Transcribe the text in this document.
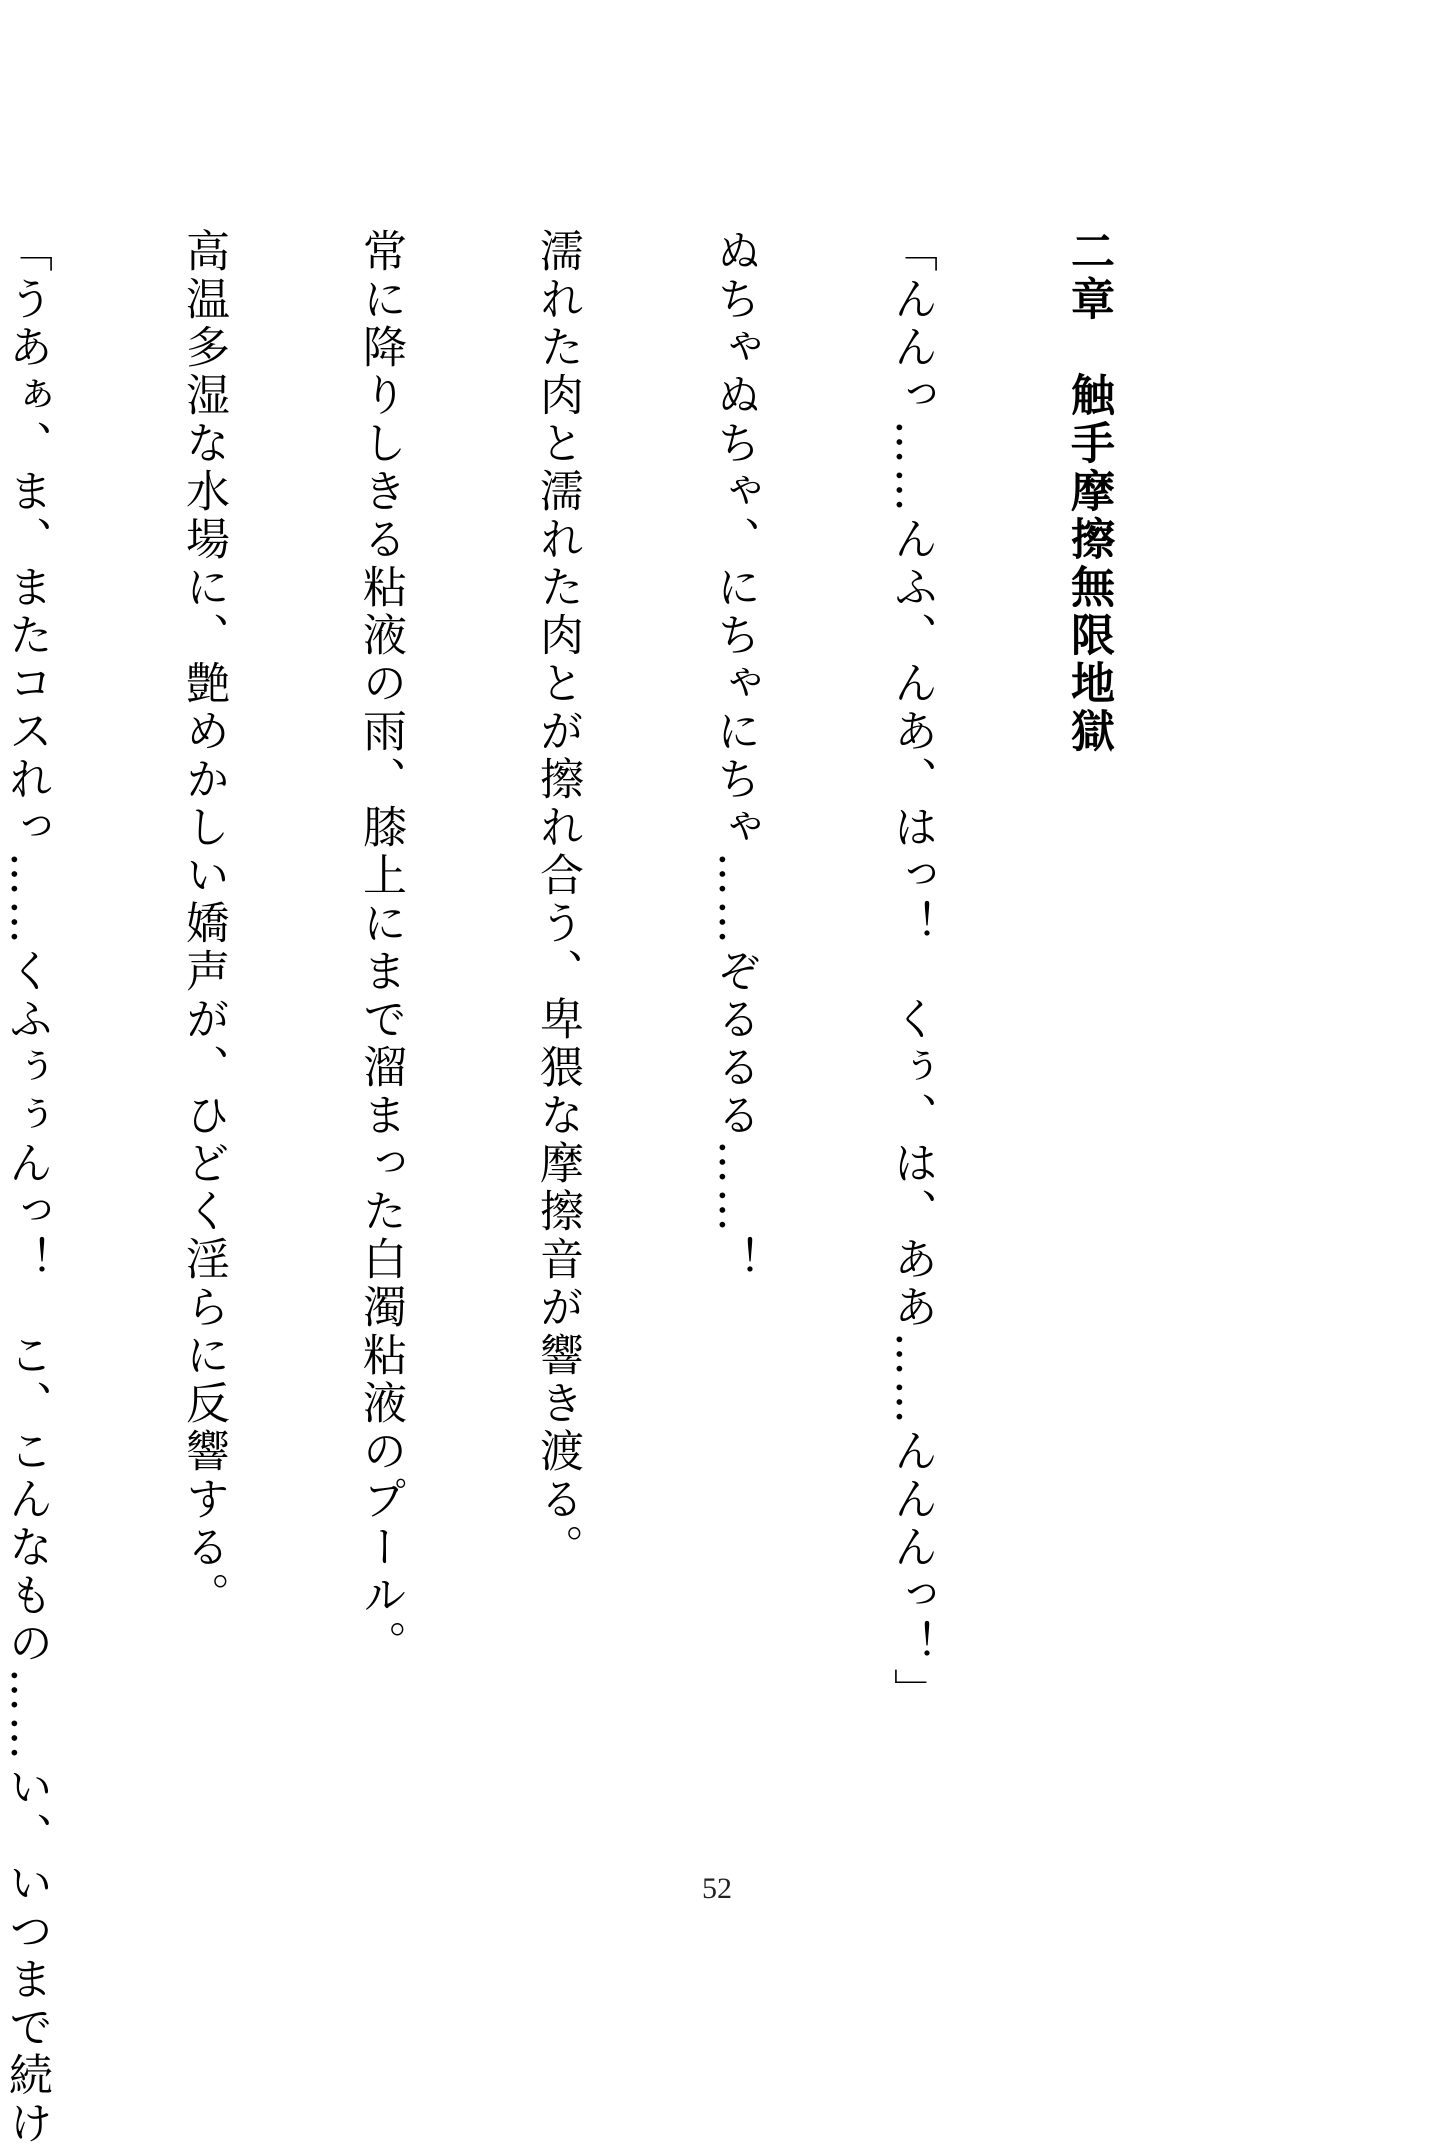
二章　触手摩擦無限地獄

「んんっ……んふ、んあ、はっ！　くぅ、は、ああ……んんんっ！」

ぬちゃぬちゃ、にちゃにちゃ……ぞるるる……！

濡れた肉と濡れた肉とが擦れ合う、卑猥な摩擦音が響き渡る。

常に降りしきる粘液の雨、膝上にまで溜まった白濁粘液のプール。

高温多湿な水場に、艶めかしい嬌声が、ひどく淫らに反響する。

「うあぁ、ま、またコスれっ……くふぅぅんっ！　こ、こんなもの……い、いつまで続け

	52
